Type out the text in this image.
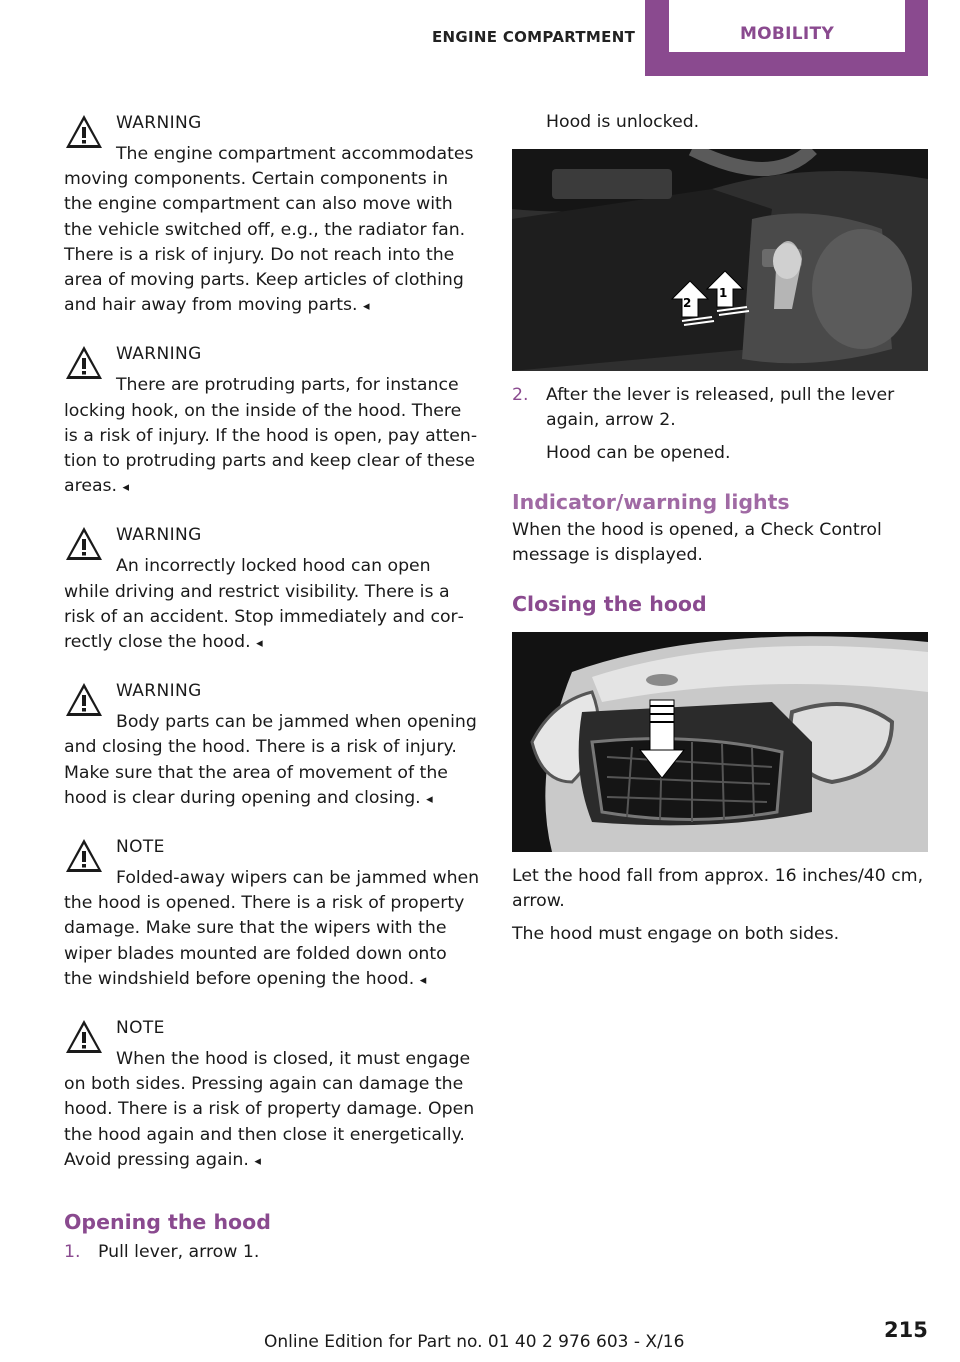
ENGINE COMPARTMENT	MOBILITY
WARNING

The engine compartment accommodates moving components. Certain components in the engine compartment can also move with the vehicle switched off, e.g., the radiator fan. There is a risk of injury. Do not reach into the area of moving parts. Keep articles of clothing and hair away from moving parts. ◂

WARNING

There are protruding parts, for instance locking hook, on the inside of the hood. There is a risk of injury. If the hood is open, pay attention to protruding parts and keep clear of these areas. ◂

WARNING

An incorrectly locked hood can open while driving and restrict visibility. There is a risk of an accident. Stop immediately and correctly close the hood. ◂

WARNING

Body parts can be jammed when opening and closing the hood. There is a risk of injury. Make sure that the area of movement of the hood is clear during opening and closing. ◂

NOTE

Folded-away wipers can be jammed when the hood is opened. There is a risk of property damage. Make sure that the wipers with the wiper blades mounted are folded down onto the windshield before opening the hood. ◂

NOTE

When the hood is closed, it must engage on both sides. Pressing again can damage the hood. There is a risk of property damage. Open the hood again and then close it energetically. Avoid pressing again. ◂

Opening the hood
1. Pull lever, arrow 1.

Hood is unlocked.

2
1
2. After the lever is released, pull the lever again, arrow 2.

Hood can be opened.

Indicator/warning lights

When the hood is opened, a Check Control message is displayed.

Closing the hood

Let the hood fall from approx. 16 inches/40 cm, arrow.

The hood must engage on both sides.

Online Edition for Part no. 01 40 2 976 603 - X/16	215
